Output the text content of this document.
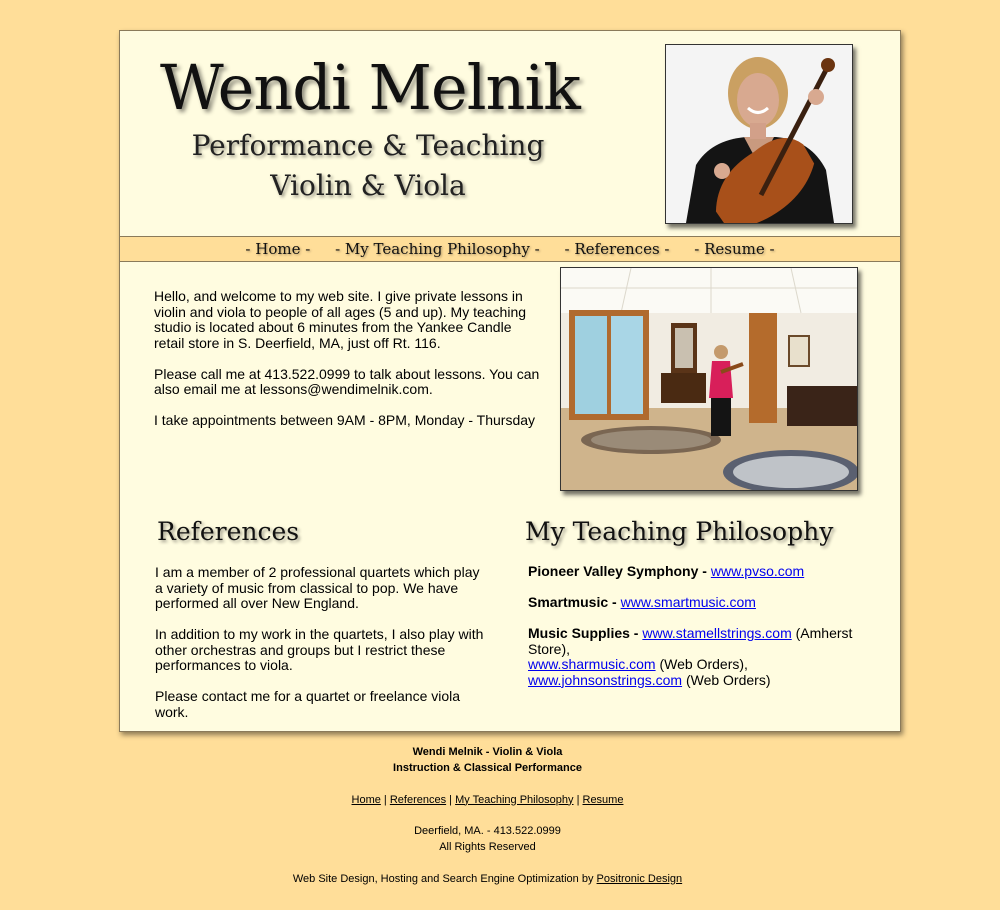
Wendi Melnik
Performance & Teaching
Violin & Viola
- Home - - My Teaching Philosophy - - References - - Resume -

Hello, and welcome to my web site. I give private lessons in violin and viola to people of all ages (5 and up). My teaching studio is located about 6 minutes from the Yankee Candle retail store in S. Deerfield, MA, just off Rt. 116.

Please call me at 413.522.0999 to talk about lessons. You can also email me at lessons@wendimelnik.com.

I take appointments between 9AM - 8PM, Monday - Thursday

References	My Teaching Philosophy

I am a member of 2 professional quartets which play a variety of music from classical to pop. We have performed all over New England.

In addition to my work in the quartets, I also play with other orchestras and groups but I restrict these performances to viola.

Please contact me for a quartet or freelance viola work.

Pioneer Valley Symphony - www.pvso.com

Smartmusic - www.smartmusic.com

Music Supplies - www.stamellstrings.com (Amherst Store),
www.sharmusic.com (Web Orders),
www.johnsonstrings.com (Web Orders)

Wendi Melnik - Violin & Viola
Instruction & Classical Performance
Home | References | My Teaching Philosophy | Resume
Deerfield, MA. - 413.522.0999
All Rights Reserved
Web Site Design, Hosting and Search Engine Optimization by Positronic Design
